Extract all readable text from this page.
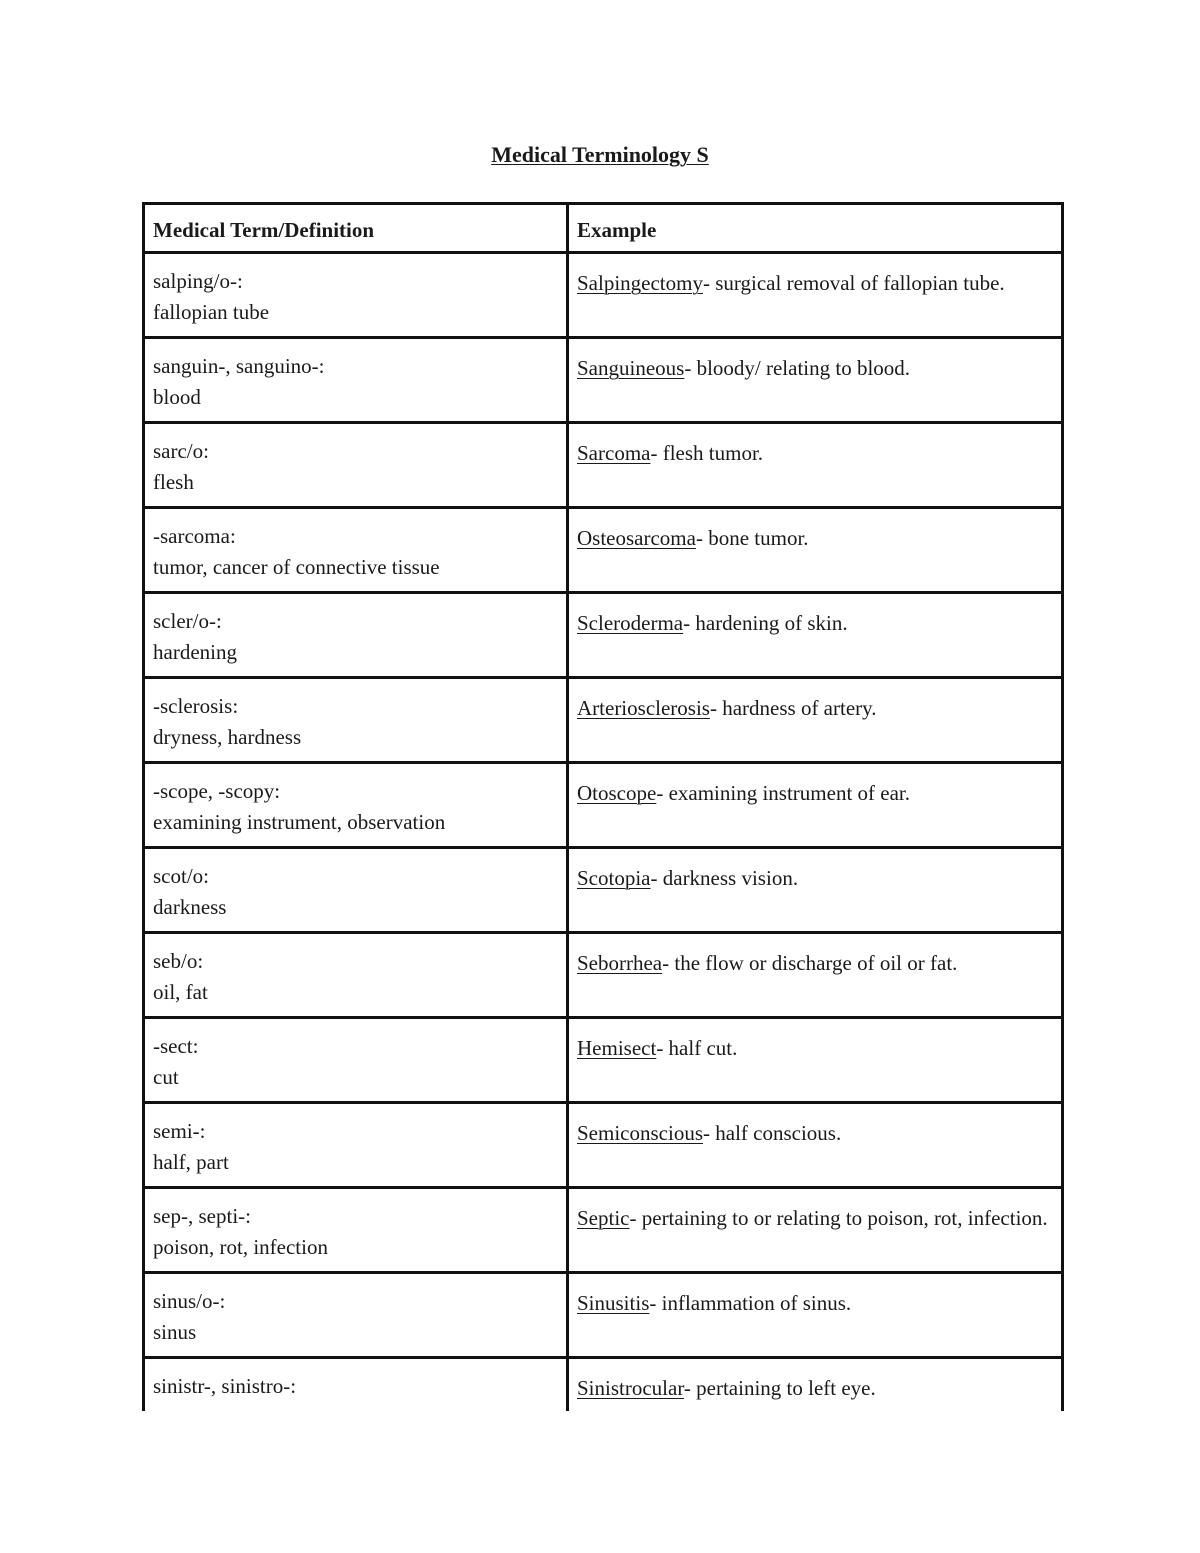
Medical Terminology S
Medical Term/Definition	Example

salping/o-:
fallopian tube	Salpingectomy- surgical removal of fallopian tube.

sanguin-, sanguino-:
blood	Sanguineous- bloody/ relating to blood.

sarc/o:
flesh	Sarcoma- flesh tumor.

-sarcoma:
tumor, cancer of connective tissue	Osteosarcoma- bone tumor.

scler/o-:
hardening	Scleroderma- hardening of skin.

-sclerosis:
dryness, hardness	Arteriosclerosis- hardness of artery.

-scope, -scopy:
examining instrument, observation	Otoscope- examining instrument of ear.

scot/o:
darkness	Scotopia- darkness vision.

seb/o:
oil, fat	Seborrhea- the flow or discharge of oil or fat.

-sect:
cut	Hemisect- half cut.

semi-:
half, part	Semiconscious- half conscious.

sep-, septi-:
poison, rot, infection	Septic- pertaining to or relating to poison, rot, infection.

sinus/o-:
sinus	Sinusitis- inflammation of sinus.

sinistr-, sinistro-:	Sinistrocular- pertaining to left eye.
